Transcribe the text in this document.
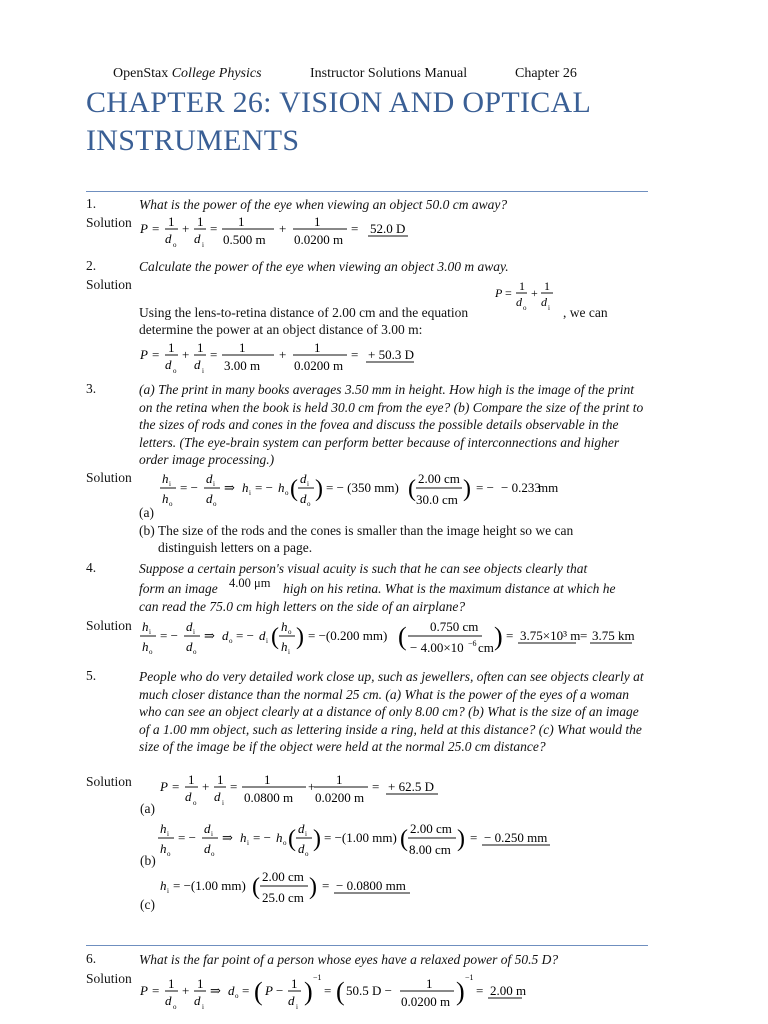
OpenStax College Physics	Instructor Solutions Manual	Chapter 26
CHAPTER 26: VISION AND OPTICAL
INSTRUMENTS
1.	What is the power of the eye when viewing an object 50.0 cm away?
Solution P = 1
d o
+ 1
d i
= 1
0.500 m
+ 1
0.0200 m
= 52.0 D
2.	Calculate the power of the eye when viewing an object 3.00 m away.
Solution
P = 1
d o
+ 1
d i
Using the lens-to-retina distance of 2.00 cm and the equation	, we can
determine the power at an object distance of 3.00 m:
P = 1
d o
+ 1
d i
= 1
3.00 m
+ 1
0.0200 m
= + 50.3 D
3.	(a) The print in many books averages 3.50 mm in height. How high is the image of the print on the retina when the book is held 30.0 cm from the eye? (b) Compare the size of the print to the sizes of rods and cones in the fovea and discuss the possible details observable in the letters. (The eye-brain system can perform better because of interconnections and higher order image processing.)
Solution h i
h o
= −
d i
d o
⇒ h i = − h o ( d i
d o
) = − (350 mm) ( 2.00 cm
30.0 cm ) = −	mm
− 0.233
(a)
(b) The size of the rods and the cones is smaller than the image height so we can
distinguish letters on a page.
4.	Suppose a certain person's visual acuity is such that he can see objects clearly that
form an image 4.00 μm high on his retina. What is the maximum distance at which he
can read the 75.0 cm high letters on the side of an airplane?
Solution h i
h o
= −
d i
d o
⇒ d o = − d i ( h o
h i
) = −(0.200 mm) ( 0.750 cm
− 4.00×10 −6 cm ) =	=
3.75×10³ m 3.75 km
5.	People who do very detailed work close up, such as jewellers, often can see objects clearly at much closer distance than the normal 25 cm. (a) What is the power of the eyes of a woman who can see an object clearly at a distance of only 8.00 cm? (b) What is the size of an image of a 1.00 mm object, such as lettering inside a ring, held at this distance? (c) What would the size of the image be if the object were held at the normal 25.0 cm distance?
Solution P = 1
d o
+ 1
d i
= 1
0.0800 m
1
0.0200 m
+	= + 62.5 D
(a)
h i
h o
= −
d i
d o
⇒ h i = − h o ( d i
d o
) = −(1.00 mm) ( 2.00 cm
8.00 cm ) = − 0.250 mm
(b)
h i = −(1.00 mm) ( 2.00 cm
25.0 cm ) = − 0.0800 mm
(c)
6.	What is the far point of a person whose eyes have a relaxed power of 50.5 D?
Solution
P = 1
d o
+ 1
d i
⇒ d o = ( P − 1
d i
) −1
= ( 50.5 D −	1
0.0200 m ) −1
= 2.00 m
